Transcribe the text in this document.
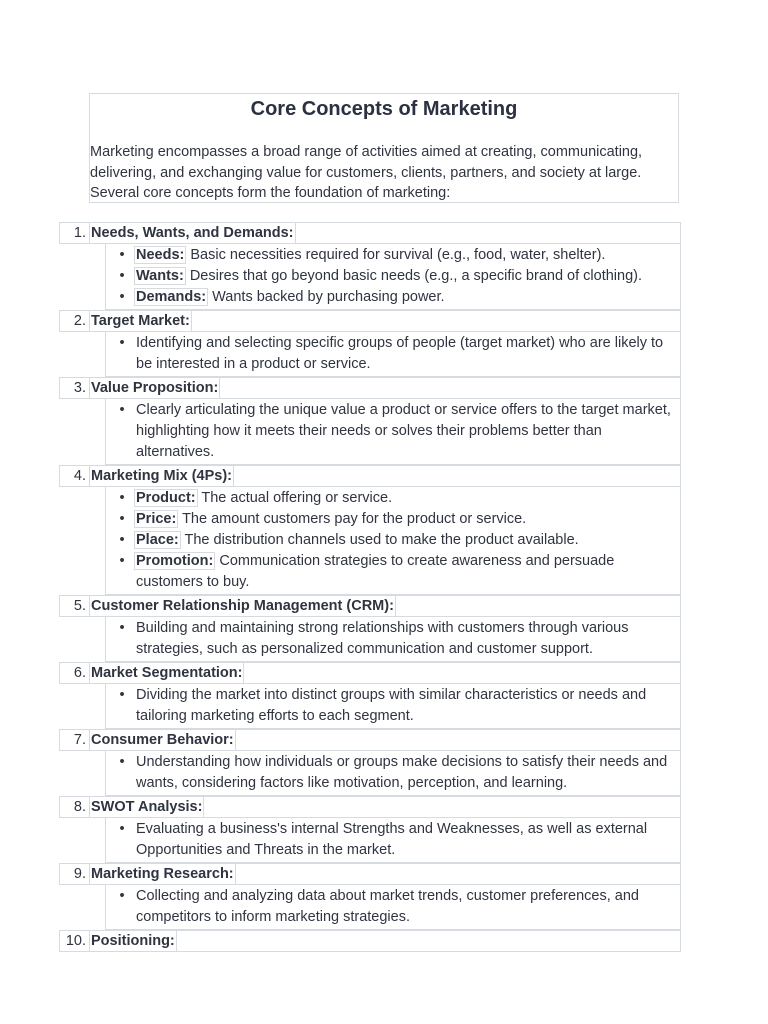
Core Concepts of Marketing

Marketing encompasses a broad range of activities aimed at creating, communicating, delivering, and exchanging value for customers, clients, partners, and society at large. Several core concepts form the foundation of marketing:

1. Needs, Wants, and Demands:
• Needs: Basic necessities required for survival (e.g., food, water, shelter).
• Wants: Desires that go beyond basic needs (e.g., a specific brand of clothing).
• Demands: Wants backed by purchasing power.
2. Target Market:
• Identifying and selecting specific groups of people (target market) who are likely to be interested in a product or service.
3. Value Proposition:
• Clearly articulating the unique value a product or service offers to the target market, highlighting how it meets their needs or solves their problems better than alternatives.
4. Marketing Mix (4Ps):
• Product: The actual offering or service.
• Price: The amount customers pay for the product or service.
• Place: The distribution channels used to make the product available.
• Promotion: Communication strategies to create awareness and persuade customers to buy.
5. Customer Relationship Management (CRM):
• Building and maintaining strong relationships with customers through various strategies, such as personalized communication and customer support.
6. Market Segmentation:
• Dividing the market into distinct groups with similar characteristics or needs and tailoring marketing efforts to each segment.
7. Consumer Behavior:
• Understanding how individuals or groups make decisions to satisfy their needs and wants, considering factors like motivation, perception, and learning.
8. SWOT Analysis:
• Evaluating a business's internal Strengths and Weaknesses, as well as external Opportunities and Threats in the market.
9. Marketing Research:
• Collecting and analyzing data about market trends, customer preferences, and competitors to inform marketing strategies.
10. Positioning:
